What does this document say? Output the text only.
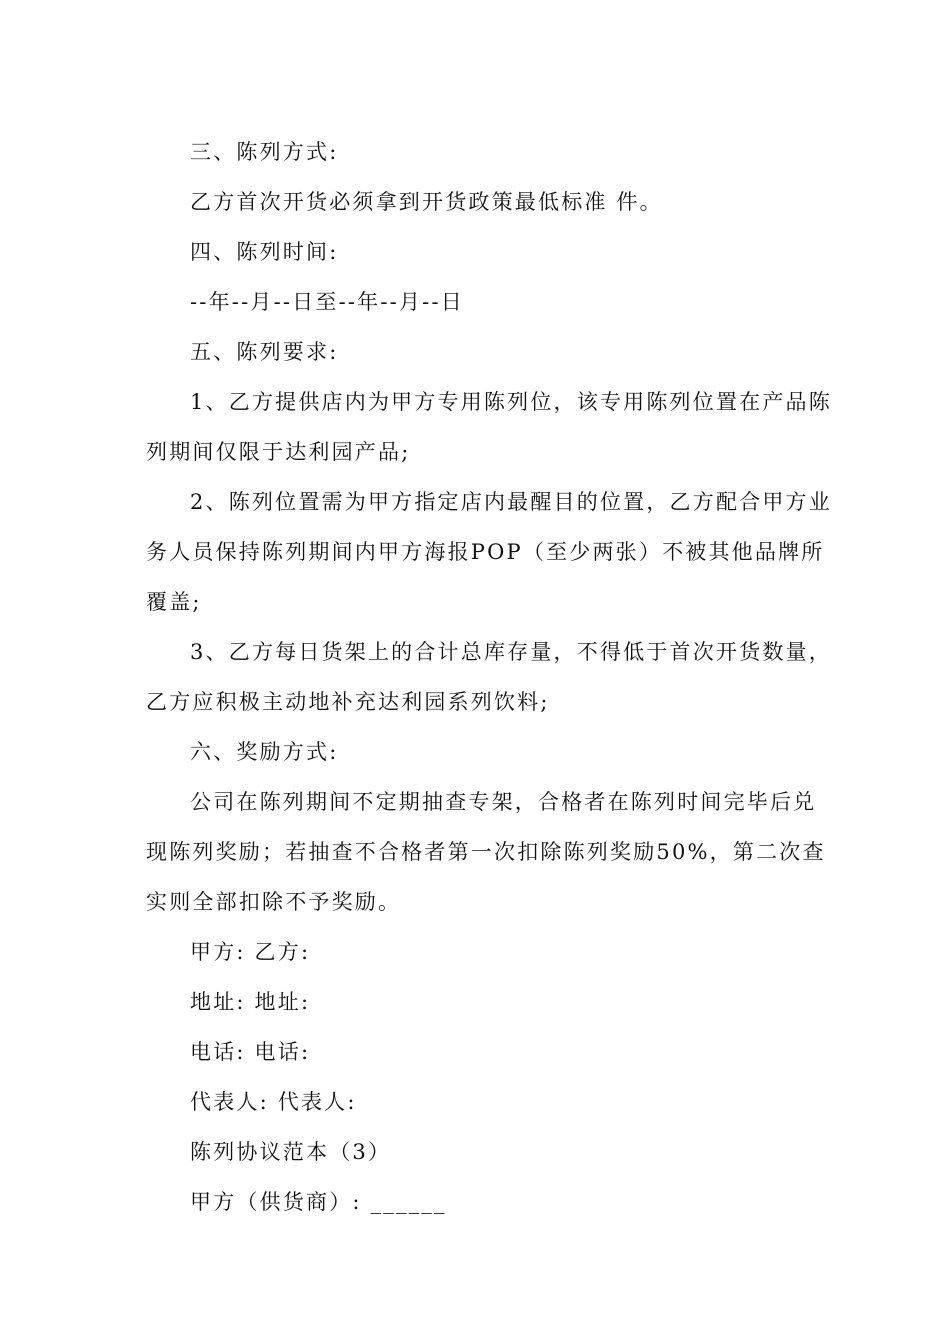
三、陈列方式:
乙方首次开货必须拿到开货政策最低标准 件。
四、陈列时间:
--年--月--日至--年--月--日
五、陈列要求:
1、乙方提供店内为甲方专用陈列位，该专用陈列位置在产品陈
列期间仅限于达利园产品;
2、陈列位置需为甲方指定店内最醒目的位置，乙方配合甲方业
务人员保持陈列期间内甲方海报POP（至少两张）不被其他品牌所
覆盖;
3、乙方每日货架上的合计总库存量，不得低于首次开货数量，
乙方应积极主动地补充达利园系列饮料;
六、奖励方式:
公司在陈列期间不定期抽查专架，合格者在陈列时间完毕后兑
现陈列奖励；若抽查不合格者第一次扣除陈列奖励50%，第二次查
实则全部扣除不予奖励。
甲方: 乙方:
地址: 地址:
电话: 电话:
代表人: 代表人:
陈列协议范本（3）
甲方（供货商）: ______
